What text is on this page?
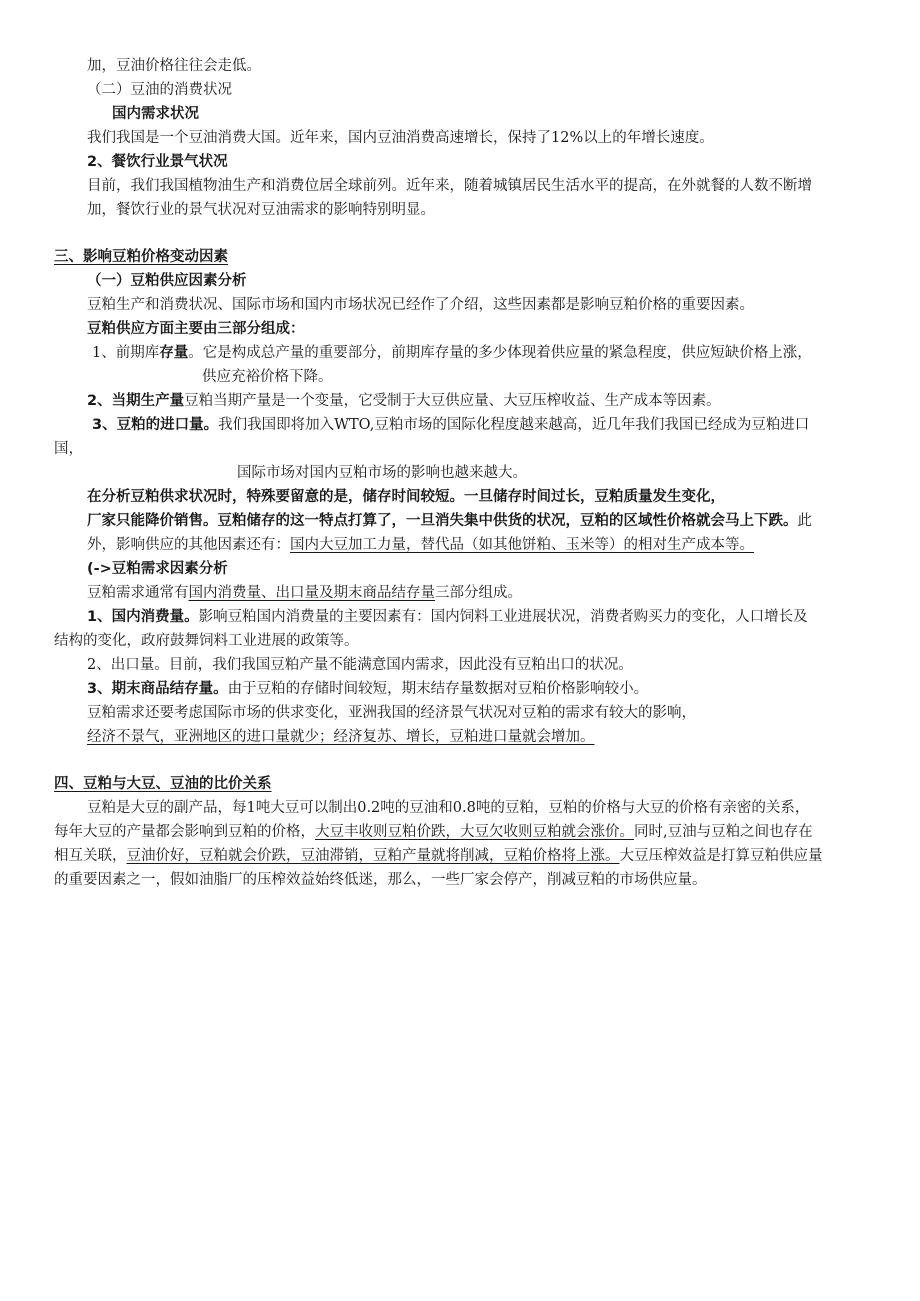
加，豆油价格往往会走低。
（二）豆油的消费状况
国内需求状况
我们我国是一个豆油消费大国。近年来，国内豆油消费高速增长，保持了12%以上的年增长速度。
2、餐饮行业景气状况
目前，我们我国植物油生产和消费位居全球前列。近年来，随着城镇居民生活水平的提高，在外就餐的人数不断增
加，餐饮行业的景气状况对豆油需求的影响特别明显。
三、影响豆粕价格变动因素
（一）豆粕供应因素分析
豆粕生产和消费状况、国际市场和国内市场状况已经作了介绍，这些因素都是影响豆粕价格的重要因素。
豆粕供应方面主要由三部分组成：
1、前期库存量。它是构成总产量的重要部分，前期库存量的多少体现着供应量的紧急程度，供应短缺价格上涨，
供应充裕价格下降。
2、当期生产量豆粕当期产量是一个变量，它受制于大豆供应量、大豆压榨收益、生产成本等因素。
3、豆粕的进口量。我们我国即将加入WTO,豆粕市场的国际化程度越来越高，近几年我们我国已经成为豆粕进口
国，
国际市场对国内豆粕市场的影响也越来越大。
在分析豆粕供求状况时，特殊要留意的是，储存时间较短。一旦储存时间过长，豆粕质量发生变化，
厂家只能降价销售。豆粕储存的这一特点打算了，一旦消失集中供货的状况，豆粕的区域性价格就会马上下跌。此
外，影响供应的其他因素还有：国内大豆加工力量，替代品（如其他饼粕、玉米等）的相对生产成本等。
(->豆粕需求因素分析
豆粕需求通常有国内消费量、出口量及期末商品结存量三部分组成。
1、国内消费量。影响豆粕国内消费量的主要因素有：国内饲料工业进展状况，消费者购买力的变化，人口增长及
结构的变化，政府鼓舞饲料工业进展的政策等。
2、出口量。目前，我们我国豆粕产量不能满意国内需求，因此没有豆粕出口的状况。
3、期末商品结存量。由于豆粕的存储时间较短，期末结存量数据对豆粕价格影响较小。
豆粕需求还要考虑国际市场的供求变化，亚洲我国的经济景气状况对豆粕的需求有较大的影响，
经济不景气，亚洲地区的进口量就少；经济复苏、增长，豆粕进口量就会增加。
四、豆粕与大豆、豆油的比价关系
豆粕是大豆的副产品，每1吨大豆可以制出0.2吨的豆油和0.8吨的豆粕，豆粕的价格与大豆的价格有亲密的关系，
每年大豆的产量都会影响到豆粕的价格，大豆丰收则豆粕价跌，大豆欠收则豆粕就会涨价。同时,豆油与豆粕之间也存在
相互关联，豆油价好，豆粕就会价跌，豆油滞销，豆粕产量就将削减，豆粕价格将上涨。大豆压榨效益是打算豆粕供应量
的重要因素之一，假如油脂厂的压榨效益始终低迷，那么，一些厂家会停产，削减豆粕的市场供应量。
